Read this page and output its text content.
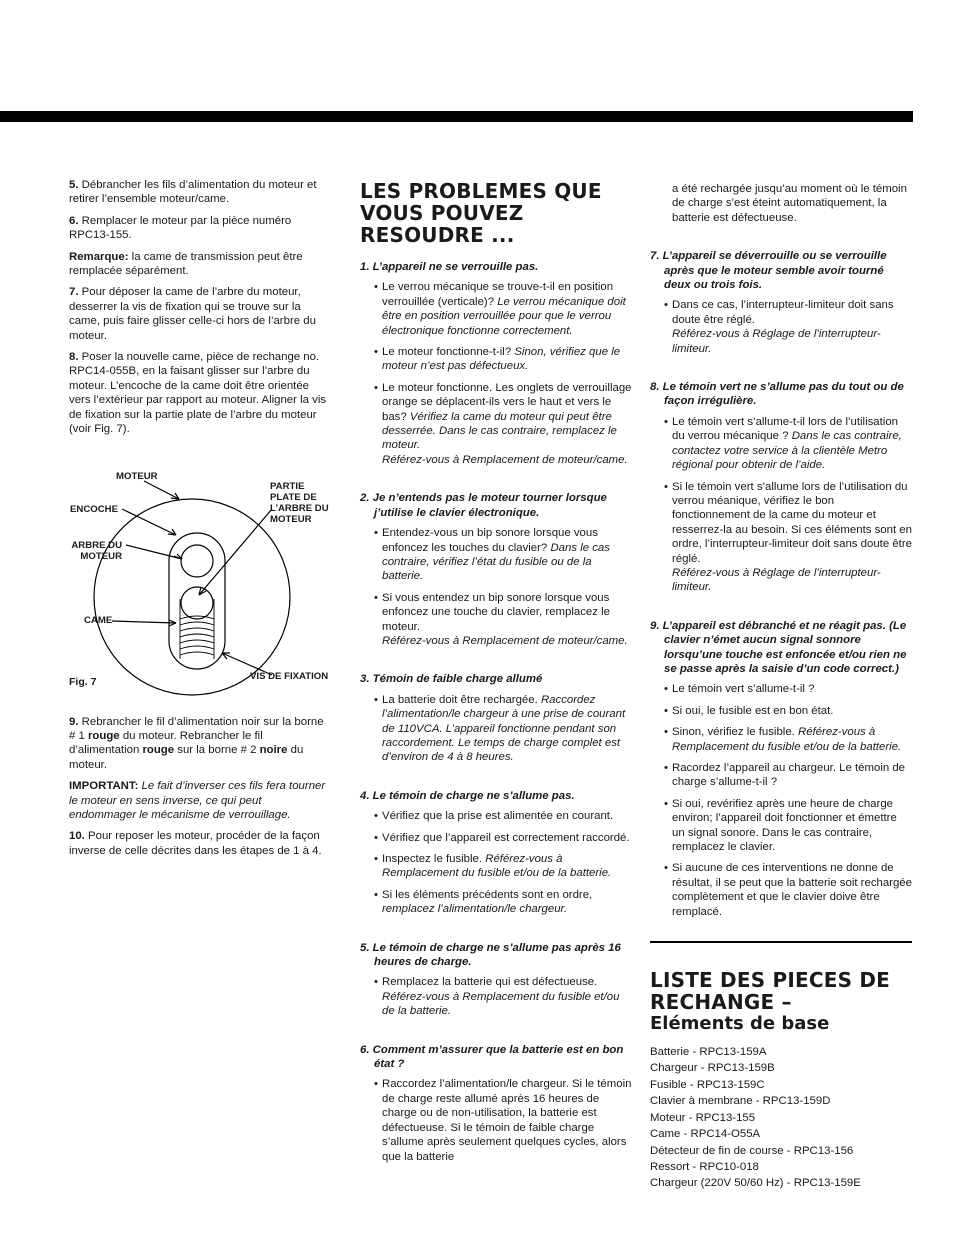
5. Débrancher les fils d’alimentation du moteur et retirer l’ensemble moteur/came.

6. Remplacer le moteur par la pièce numéro RPC13-155.

Remarque: la came de transmission peut être remplacée séparément.

7. Pour déposer la came de l’arbre du moteur, desserrer la vis de fixation qui se trouve sur la came, puis faire glisser celle-ci hors de l’arbre du moteur.

8. Poser la nouvelle came, pièce de rechange no. RPC14-055B, en la faisant glisser sur l’arbre du moteur. L’encoche de la came doit être orientée vers l’extérieur par rapport au moteur. Aligner la vis de fixation sur la partie plate de l’arbre du moteur (voir Fig. 7).

MOTEUR
ENCOCHE
ARBRE DU
MOTEUR
CAME
PARTIE PLATE DE L’ARBRE DU MOTEUR
VIS DE FIXATION
Fig. 7

9. Rebrancher le fil d’alimentation noir sur la borne # 1 rouge du moteur. Rebrancher le fil d’alimentation rouge sur la borne # 2 noire du moteur.

IMPORTANT: Le fait d’inverser ces fils fera tourner le moteur en sens inverse, ce qui peut endommager le mécanisme de verrouillage.

10. Pour reposer les moteur, procéder de la façon inverse de celle décrites dans les étapes de 1 à 4.

LES PROBLEMES QUE VOUS POUVEZ RESOUDRE ...
1. L’appareil ne se verrouille pas.
• Le verrou mécanique se trouve-t-il en position verrouillée (verticale)? Le verrou mécanique doit être en position verrouillée pour que le verrou électronique fonctionne correctement.
• Le moteur fonctionne-t-il? Sinon, vérifiez que le moteur n’est pas défectueux.
• Le moteur fonctionne. Les onglets de verrouillage orange se déplacent-ils vers le haut et vers le bas? Vérifiez la came du moteur qui peut être desserrée. Dans le cas contraire, remplacez le moteur.
Référez-vous à Remplacement de moteur/came.
2. Je n’entends pas le moteur tourner lorsque j’utilise le clavier électronique.
• Entendez-vous un bip sonore lorsque vous enfoncez les touches du clavier? Dans le cas contraire, vérifiez l’état du fusible ou de la batterie.
• Si vous entendez un bip sonore lorsque vous enfoncez une touche du clavier, remplacez le moteur.
Référez-vous à Remplacement de moteur/came.
3. Témoin de faible charge allumé
• La batterie doit être rechargée. Raccordez l’alimentation/le chargeur à une prise de courant de 110VCA. L’appareil fonctionne pendant son raccordement. Le temps de charge complet est d’environ de 4 à 8 heures.
4. Le témoin de charge ne s’allume pas.
• Vérifiez que la prise est alimentée en courant.
• Vérifiez que l’appareil est correctement raccordé.
• Inspectez le fusible. Référez-vous à Remplacement du fusible et/ou de la batterie.
• Si les éléments précédents sont en ordre, remplacez l’alimentation/le chargeur.
5. Le témoin de charge ne s’allume pas après 16 heures de charge.
• Remplacez la batterie qui est défectueuse. Référez-vous à Remplacement du fusible et/ou de la batterie.
6. Comment m’assurer que la batterie est en bon état ?
• Raccordez l’alimentation/le chargeur. Si le témoin de charge reste allumé après 16 heures de charge ou de non-utilisation, la batterie est défectueuse. Si le témoin de faible charge s’allume après seulement quelques cycles, alors que la batterie
a été rechargée jusqu’au moment où le témoin de charge s’est éteint automatiquement, la batterie est défectueuse.
7. L’appareil se déverrouille ou se verrouille après que le moteur semble avoir tourné deux ou trois fois.
• Dans ce cas, l’interrupteur-limiteur doit sans doute être réglé.
Référez-vous à Réglage de l’interrupteur-limiteur.
8. Le témoin vert ne s’allume pas du tout ou de façon irrégulière.
• Le témoin vert s’allume-t-il lors de l’utilisation du verrou mécanique ? Dans le cas contraire, contactez votre service à la clientèle Metro régional pour obtenir de l’aide.
• Si le témoin vert s’allume lors de l’utilisation du verrou méanique, vérifiez le bon fonctionnement de la came du moteur et resserrez-la au besoin. Si ces éléments sont en ordre, l’interrupteur-limiteur doit sans doute être réglé.
Référez-vous à Réglage de l’interrupteur-limiteur.
9. L’appareil est débranché et ne réagit pas. (Le clavier n’émet aucun signal sonnore lorsqu’une touche est enfoncée et/ou rien ne se passe après la saisie d’un code correct.)
• Le témoin vert s’allume-t-il ?
• Si oui, le fusible est en bon état.
• Sinon, vérifiez le fusible. Référez-vous à Remplacement du fusible et/ou de la batterie.
• Racordez l’appareil au chargeur. Le témoin de charge s’allume-t-il ?
• Si oui, revérifiez après une heure de charge environ; l’appareil doit fonctionner et émettre un signal sonore. Dans le cas contraire, remplacez le clavier.
• Si aucune de ces interventions ne donne de résultat, il se peut que la batterie soit rechargée complètement et que le clavier doive être remplacé.
LISTE DES PIECES DE RECHANGE –
Eléments de base
Batterie - RPC13-159A
Chargeur - RPC13-159B
Fusible - RPC13-159C
Clavier à membrane - RPC13-159D
Moteur - RPC13-155
Came - RPC14-O55A
Détecteur de fin de course - RPC13-156
Ressort - RPC10-018
Chargeur (220V 50/60 Hz) - RPC13-159E
